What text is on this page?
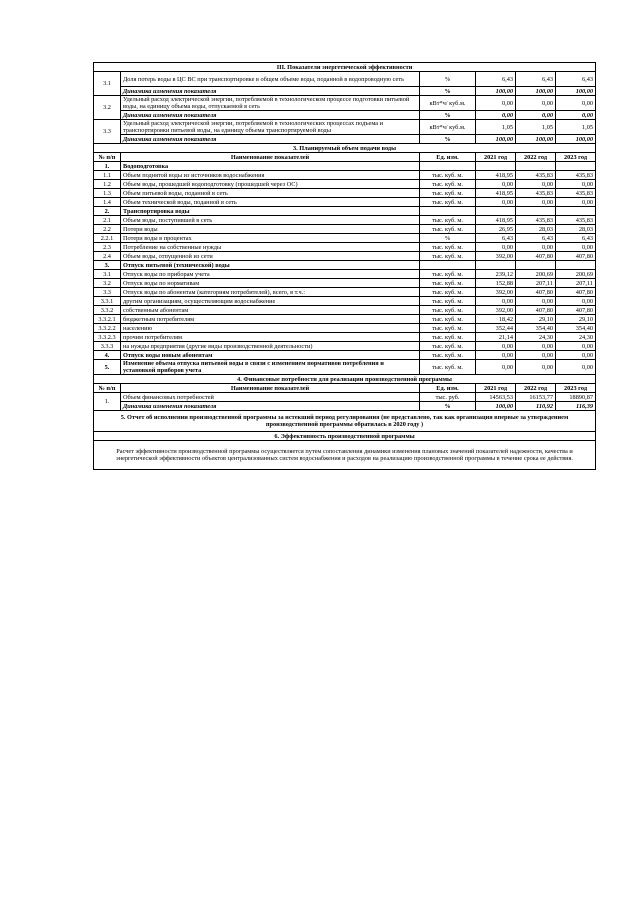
III. Показатели энергетической эффективности					
3.1	Доля потерь воды в ЦС ВС при транспортировке в общем объеме воды, поданной в водопроводную сеть	%	6,43	6,43	6,43
	Динамика изменения показателя	%	100,00	100,00	100,00
3.2	Удельный расход электрической энергии, потребляемой в технологическом процессе подготовки питьевой воды, на единицу объема воды, отпускаемой в сеть	кВт*ч/ куб.м.	0,00	0,00	0,00
	Динамика изменения показателя	%	0,00	0,00	0,00
3.3	Удельный расход электрической энергии, потребляемой в технологических процессах подъема и транспортировки питьевой воды, на единицу объема транспортируемой воды	кВт*ч/ куб.м.	1,05	1,05	1,05
	Динамика изменения показателя	%	100,00	100,00	100,00
3. Планируемый объем подачи воды					
№ п/п	Наименование показателей	Ед. изм.	2021 год	2022 год	2023 год
1.	Водоподготовка				
1.1	Объем поднятой воды из источников водоснабжения	тыс. куб. м.	418,95	435,83	435,83
1.2	Объем воды, прошедшей водоподготовку (прошедшей через ОС)	тыс. куб. м.	0,00	0,00	0,00
1.3	Объем питьевой воды, поданной в сеть	тыс. куб. м.	418,95	435,83	435,83
1.4	Объем технической воды, поданной в сеть	тыс. куб. м.	0,00	0,00	0,00
2.	Транспортировка воды				
2.1	Объем воды, поступившей в сеть	тыс. куб. м.	418,95	435,83	435,83
2.2	Потери воды	тыс. куб. м.	26,95	28,03	28,03
2.2.1	Потери воды в процентах	%	6,43	6,43	6,43
2.3	Потребление на собственные нужды	тыс. куб. м.	0,00	0,00	0,00
2.4	Объем воды, отпущенной из сети	тыс. куб. м.	392,00	407,80	407,80
3.	Отпуск питьевой (технической) воды				
3.1	Отпуск воды по приборам учета	тыс. куб. м.	239,12	200,69	200,69
3.2	Отпуск воды по нормативам	тыс. куб. м.	152,88	207,11	207,11
3.3	Отпуск воды по абонентам (категориям потребителей), всего, в т.ч.:	тыс. куб. м.	392,00	407,80	407,80
3.3.1	другим организациям, осуществляющим водоснабжение	тыс. куб. м.	0,00	0,00	0,00
3.3.2	собственным абонентам	тыс. куб. м.	392,00	407,80	407,80
3.3.2.1	бюджетным потребителям	тыс. куб. м.	18,42	29,10	29,10
3.3.2.2	населению	тыс. куб. м.	352,44	354,40	354,40
3.3.2.3	прочим потребителям	тыс. куб. м.	21,14	24,30	24,30
3.3.3	на нужды предприятия (другие виды производственной деятельности)	тыс. куб. м.	0,00	0,00	0,00
4.	Отпуск воды новым абонентам	тыс. куб. м.	0,00	0,00	0,00
5.	Изменение объема отпуска питьевой воды в связи с изменением нормативов потребления и установкой приборов учета	тыс. куб. м.	0,00	0,00	0,00
4. Финансовые потребности для реализации производственной программы					
№ п/п	Наименование показателей	Ед. изм.	2021 год	2022 год	2023 год
1.	Объем финансовых потребностей	тыс. руб.	14563,53	16153,77	18890,87
	Динамика изменения показателя	%	100,00	110,92	116,39
5. Отчет об исполнении производственной программы за истекший период регулирования (не представлено, так как организация впервые за утверждением производственной программы обратилась в 2020 году )					
6. Эффективность производственной программы					
Расчет эффективности производственной программы осуществляется путем сопоставления динамики изменения плановых значений показателей надежности, качества и энергетической эффективности объектов централизованных систем водоснабжения и расходов на реализацию производственной программы в течение срока ее действия.					
